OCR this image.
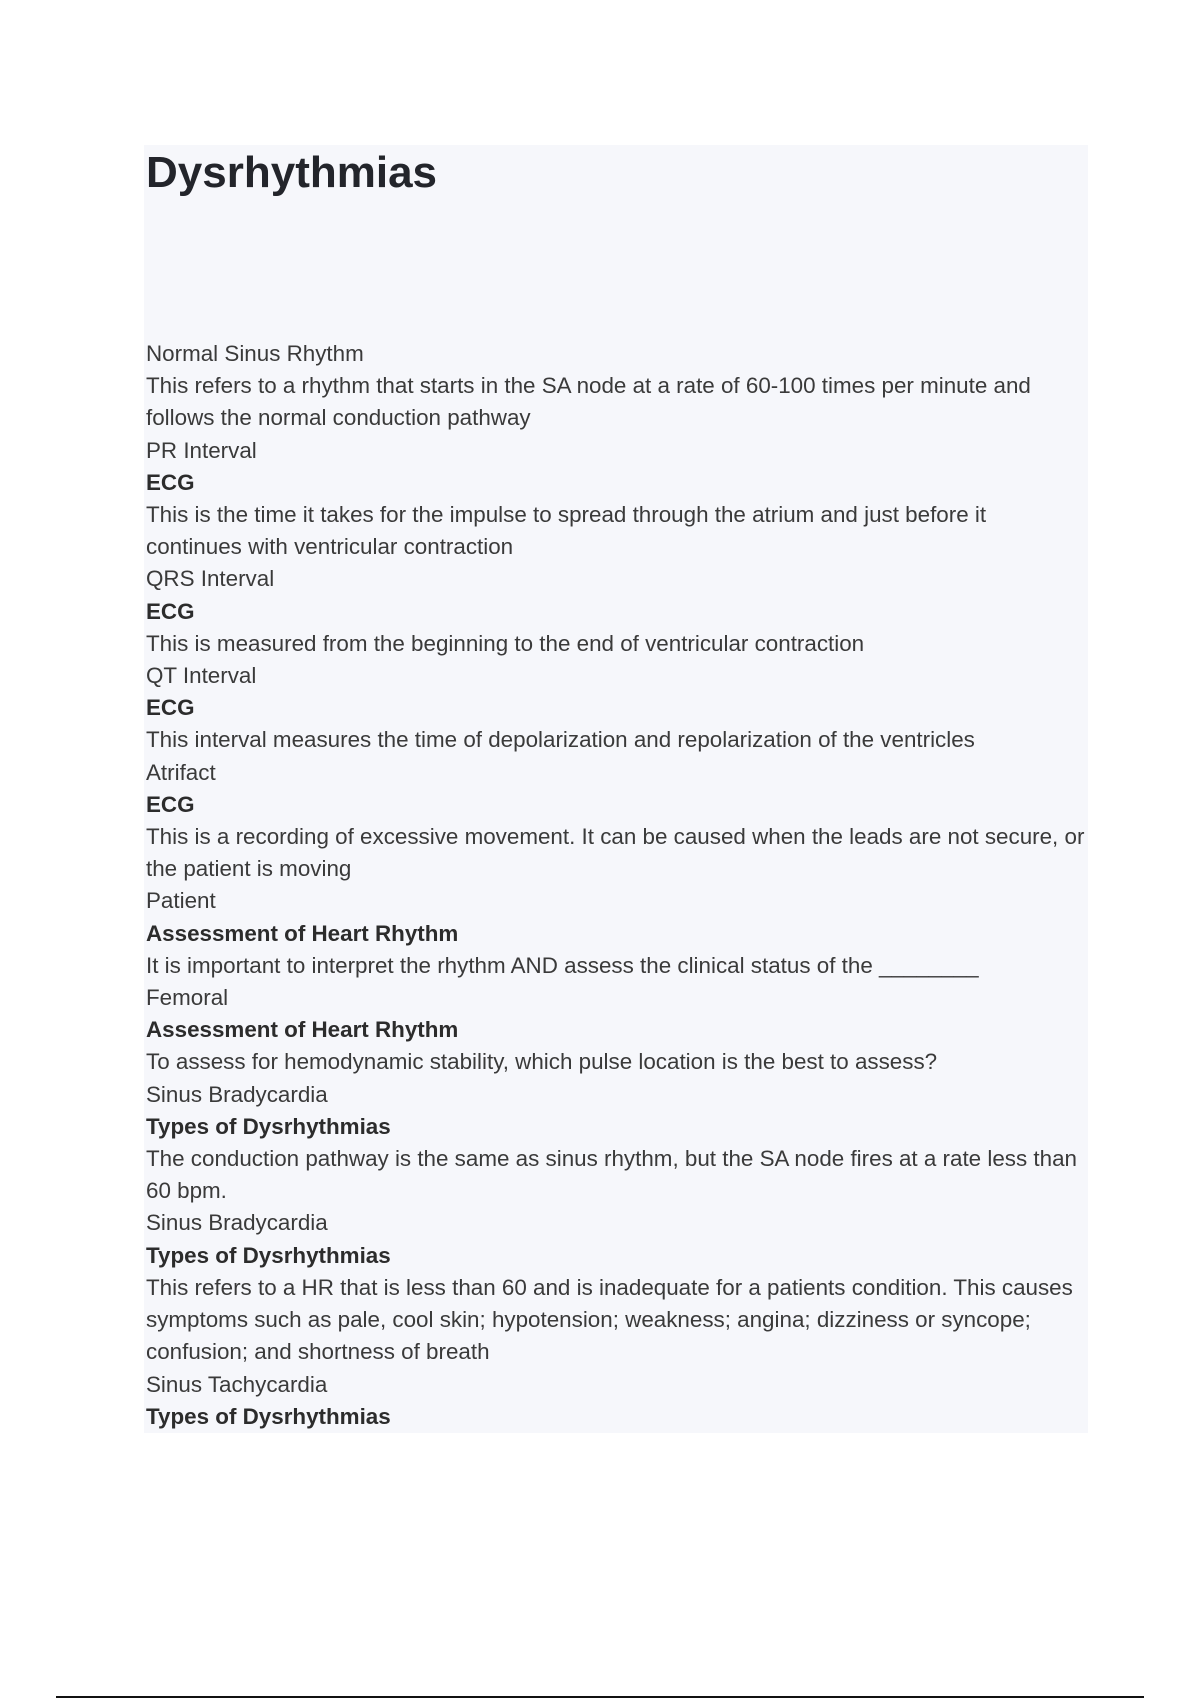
Dysrhythmias
Normal Sinus Rhythm
This refers to a rhythm that starts in the SA node at a rate of 60-100 times per minute and follows the normal conduction pathway
PR Interval
ECG
This is the time it takes for the impulse to spread through the atrium and just before it continues with ventricular contraction
QRS Interval
ECG
This is measured from the beginning to the end of ventricular contraction
QT Interval
ECG
This interval measures the time of depolarization and repolarization of the ventricles
Atrifact
ECG
This is a recording of excessive movement. It can be caused when the leads are not secure, or the patient is moving
Patient
Assessment of Heart Rhythm
It is important to interpret the rhythm AND assess the clinical status of the ________
Femoral
Assessment of Heart Rhythm
To assess for hemodynamic stability, which pulse location is the best to assess?
Sinus Bradycardia
Types of Dysrhythmias
The conduction pathway is the same as sinus rhythm, but the SA node fires at a rate less than 60 bpm.
Sinus Bradycardia
Types of Dysrhythmias
This refers to a HR that is less than 60 and is inadequate for a patients condition. This causes symptoms such as pale, cool skin; hypotension; weakness; angina; dizziness or syncope; confusion; and shortness of breath
Sinus Tachycardia
Types of Dysrhythmias
